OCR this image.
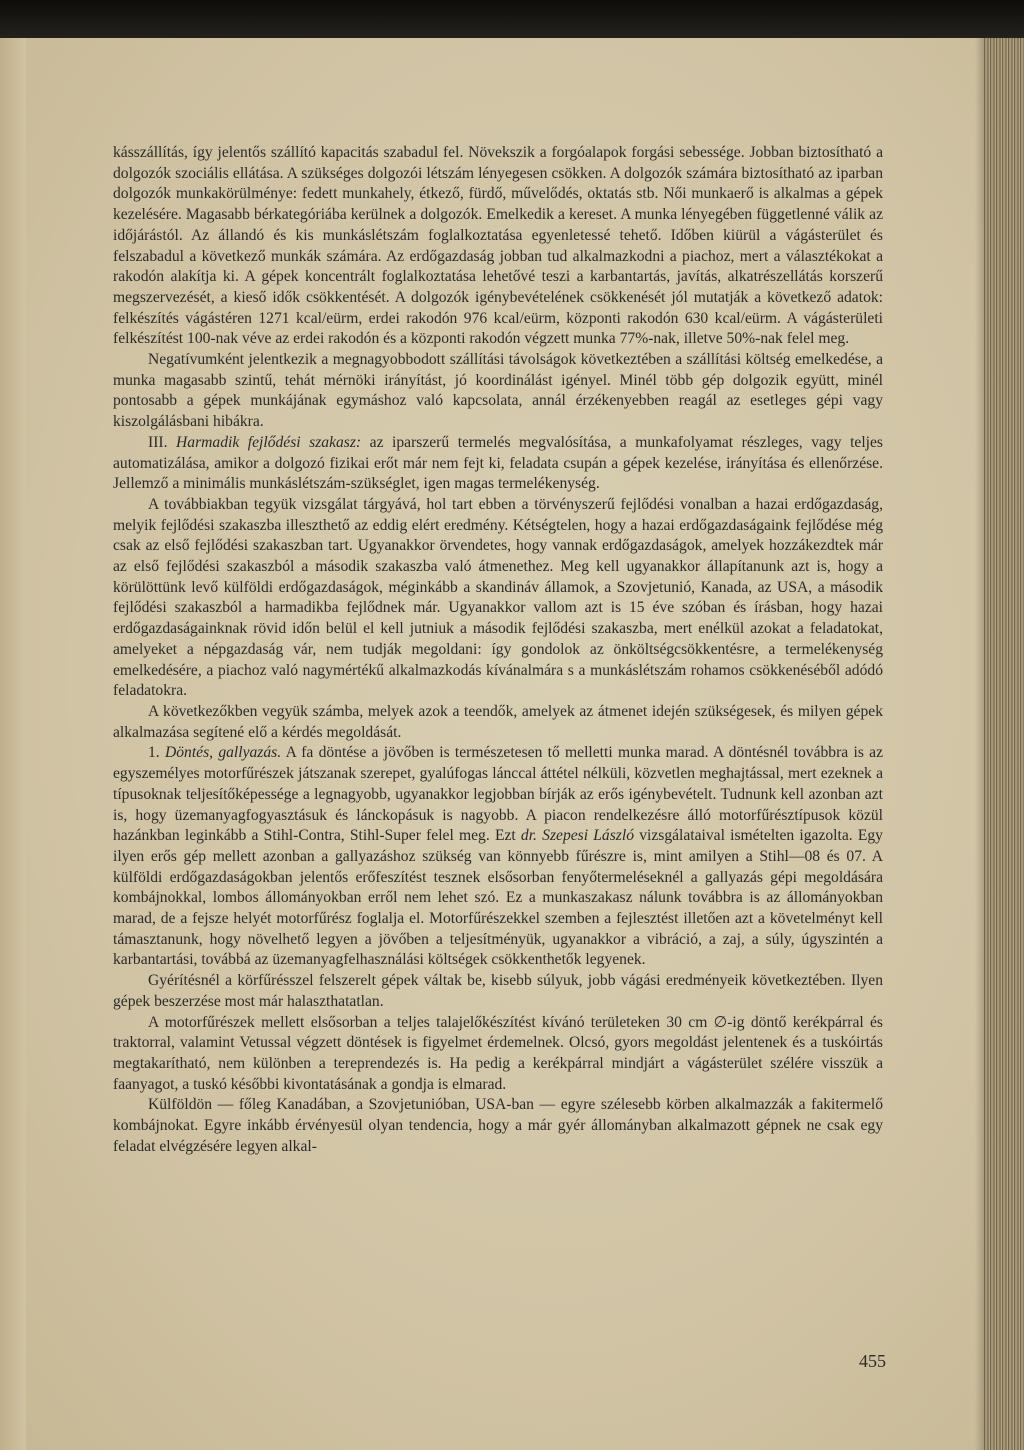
kásszállítás, így jelentős szállító kapacitás szabadul fel. Növekszik a forgóalapok forgási sebessége. Jobban biztosítható a dolgozók szociális ellátása. A szükséges dolgozói létszám lényegesen csökken. A dolgozók számára biztosítható az iparban dolgozók munkakörülménye: fedett munkahely, étkező, fürdő, művelődés, oktatás stb. Női munkaerő is alkalmas a gépek kezelésére. Magasabb bérkategóriába kerülnek a dolgozók. Emelkedik a kereset. A munka lényegében függetlenné válik az időjárástól. Az állandó és kis munkáslétszám foglalkoztatása egyenletessé tehető. Időben kiürül a vágásterület és felszabadul a következő munkák számára. Az erdőgazdaság jobban tud alkalmazkodni a piachoz, mert a választékokat a rakodón alakítja ki. A gépek koncentrált foglalkoztatása lehetővé teszi a karbantartás, javítás, alkatrészellátás korszerű megszervezését, a kieső idők csökkentését. A dolgozók igénybevételének csökkenését jól mutatják a következő adatok: felkészítés vágástéren 1271 kcal/eürm, erdei rakodón 976 kcal/eürm, központi rakodón 630 kcal/eürm. A vágásterületi felkészítést 100-nak véve az erdei rakodón és a központi rakodón végzett munka 77%-nak, illetve 50%-nak felel meg.

Negatívumként jelentkezik a megnagyobbodott szállítási távolságok következtében a szállítási költség emelkedése, a munka magasabb szintű, tehát mérnöki irányítást, jó koordinálást igényel. Minél több gép dolgozik együtt, minél pontosabb a gépek munkájának egymáshoz való kapcsolata, annál érzékenyebben reagál az esetleges gépi vagy kiszolgálásbani hibákra.

III. Harmadik fejlődési szakasz: az iparszerű termelés megvalósítása, a munkafolyamat részleges, vagy teljes automatizálása, amikor a dolgozó fizikai erőt már nem fejt ki, feladata csupán a gépek kezelése, irányítása és ellenőrzése. Jellemző a minimális munkáslétszám-szükséglet, igen magas termelékenység.

A továbbiakban tegyük vizsgálat tárgyává, hol tart ebben a törvényszerű fejlődési vonalban a hazai erdőgazdaság, melyik fejlődési szakaszba illeszthető az eddig elért eredmény. Kétségtelen, hogy a hazai erdőgazdaságaink fejlődése még csak az első fejlődési szakaszban tart. Ugyanakkor örvendetes, hogy vannak erdőgazdaságok, amelyek hozzákezdtek már az első fejlődési szakaszból a második szakaszba való átmenethez. Meg kell ugyanakkor állapítanunk azt is, hogy a körülöttünk levő külföldi erdőgazdaságok, méginkább a skandináv államok, a Szovjetunió, Kanada, az USA, a második fejlődési szakaszból a harmadikba fejlődnek már. Ugyanakkor vallom azt is 15 éve szóban és írásban, hogy hazai erdőgazdaságainknak rövid időn belül el kell jutniuk a második fejlődési szakaszba, mert enélkül azokat a feladatokat, amelyeket a népgazdaság vár, nem tudják megoldani: így gondolok az önköltségcsökkentésre, a termelékenység emelkedésére, a piachoz való nagymértékű alkalmazkodás kívánalmára s a munkáslétszám rohamos csökkenéséből adódó feladatokra.

A következőkben vegyük számba, melyek azok a teendők, amelyek az átmenet idején szükségesek, és milyen gépek alkalmazása segítené elő a kérdés megoldását.

1. Döntés, gallyazás. A fa döntése a jövőben is természetesen tő melletti munka marad. A döntésnél továbbra is az egyszemélyes motorfűrészek játszanak szerepet, gyalúfogas lánccal áttétel nélküli, közvetlen meghajtással, mert ezeknek a típusoknak teljesítőképessége a legnagyobb, ugyanakkor legjobban bírják az erős igénybevételt. Tudnunk kell azonban azt is, hogy üzemanyagfogyasztásuk és lánckopásuk is nagyobb. A piacon rendelkezésre álló motorfűrésztípusok közül hazánkban leginkább a Stihl-Contra, Stihl-Super felel meg. Ezt dr. Szepesi László vizsgálataival ismételten igazolta. Egy ilyen erős gép mellett azonban a gallyazáshoz szükség van könnyebb fűrészre is, mint amilyen a Stihl—08 és 07. A külföldi erdőgazdaságokban jelentős erőfeszítést tesznek elsősorban fenyőtermeléseknél a gallyazás gépi megoldására kombájnokkal, lombos állományokban erről nem lehet szó. Ez a munkaszakasz nálunk továbbra is az állományokban marad, de a fejsze helyét motorfűrész foglalja el. Motorfűrészekkel szemben a fejlesztést illetően azt a követelményt kell támasztanunk, hogy növelhető legyen a jövőben a teljesítményük, ugyanakkor a vibráció, a zaj, a súly, úgyszintén a karbantartási, továbbá az üzemanyagfelhasználási költségek csökkenthetők legyenek.

Gyérítésnél a körfűrésszel felszerelt gépek váltak be, kisebb súlyuk, jobb vágási eredményeik következtében. Ilyen gépek beszerzése most már halaszthatatlan.

A motorfűrészek mellett elsősorban a teljes talajelőkészítést kívánó területeken 30 cm ∅-ig döntő kerékpárral és traktorral, valamint Vetussal végzett döntések is figyelmet érdemelnek. Olcsó, gyors megoldást jelentenek és a tuskóirtás megtakarítható, nem különben a tereprendezés is. Ha pedig a kerékpárral mindjárt a vágásterület szélére visszük a faanyagot, a tuskó későbbi kivontatásának a gondja is elmarad.

Külföldön — főleg Kanadában, a Szovjetunióban, USA-ban — egyre szélesebb körben alkalmazzák a fakitermelő kombájnokat. Egyre inkább érvényesül olyan tendencia, hogy a már gyér állományban alkalmazott gépnek ne csak egy feladat elvégzésére legyen alkal-

455
